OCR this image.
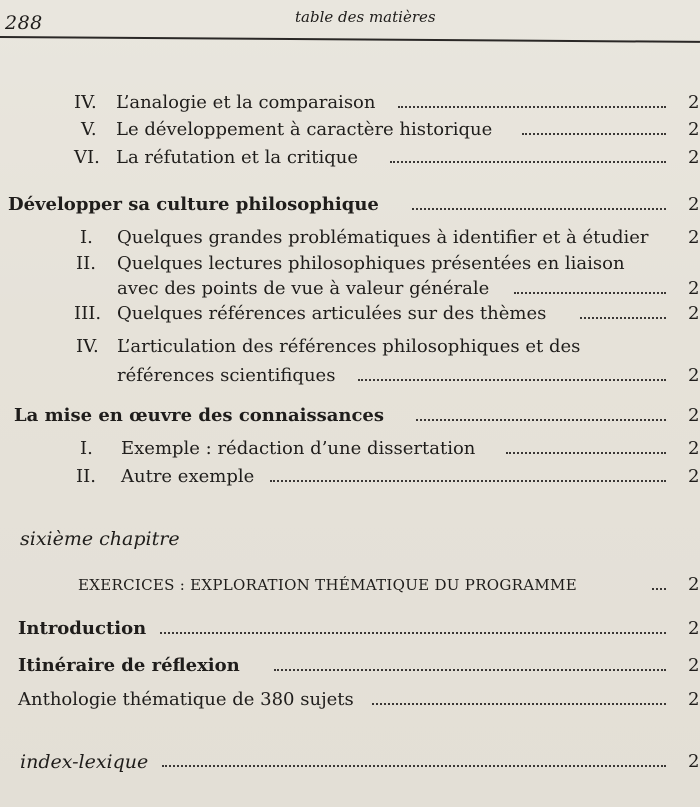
288	table des matières
IV. L’analogie et la comparaison	2
V. Le développement à caractère historique	2
VI. La réfutation et la critique	2
Développer sa culture philosophique	2
I. Quelques grandes problématiques à identifier et à étudier 2
II. Quelques lectures philosophiques présentées en liaison
avec des points de vue à valeur générale	2
III. Quelques références articulées sur des thèmes	2
IV. L’articulation des références philosophiques et des
références scientifiques	2
La mise en œuvre des connaissances	2
I. Exemple : rédaction d’une dissertation	2
II. Autre exemple	2
sixième chapitre
EXERCICES : EXPLORATION THÉMATIQUE DU PROGRAMME	2
Introduction	2
Itinéraire de réflexion	2
Anthologie thématique de 380 sujets	2
index-lexique	2
